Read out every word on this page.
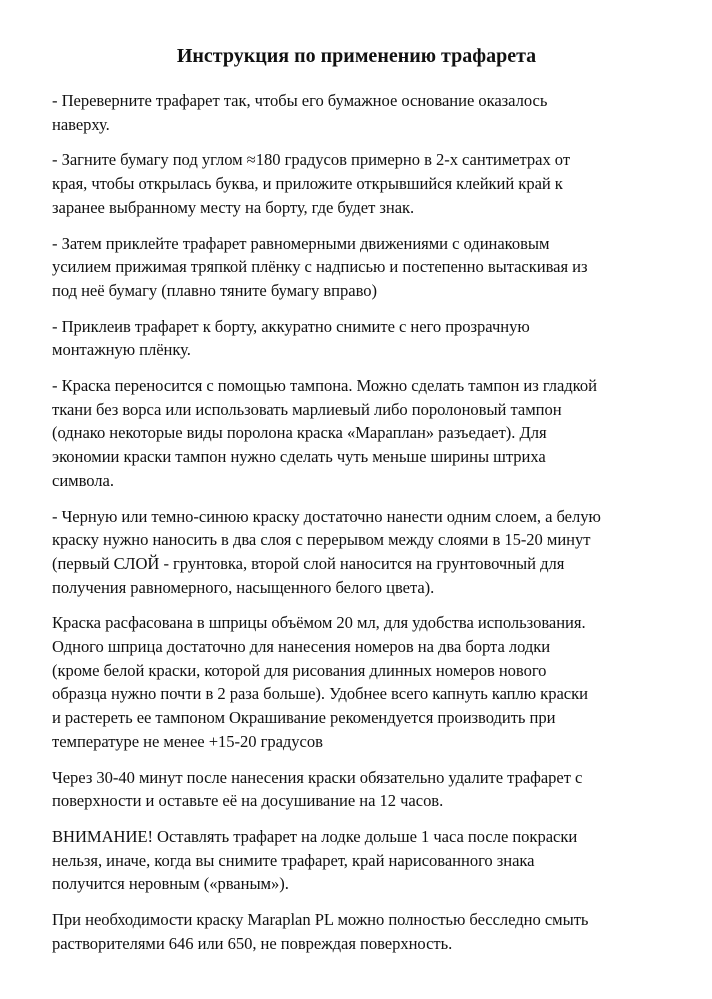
Инструкция по применению трафарета
- Переверните трафарет так, чтобы его бумажное основание оказалось
наверху.
- Загните бумагу под углом ≈180 градусов примерно в 2-х сантиметрах от
края, чтобы открылась буква, и приложите открывшийся клейкий край к
заранее выбранному месту на борту, где будет знак.
- Затем приклейте трафарет равномерными движениями с одинаковым
усилием прижимая тряпкой плёнку с надписью и постепенно вытаскивая из
под неё бумагу (плавно тяните бумагу вправо)
- Приклеив трафарет к борту, аккуратно снимите с него прозрачную
монтажную плёнку.
- Краска переносится с помощью тампона. Можно сделать тампон из гладкой
ткани без ворса или использовать марлиевый либо поролоновый тампон
(однако некоторые виды поролона краска «Мараплан» разъедает). Для
экономии краски тампон нужно сделать чуть меньше ширины штриха
символа.
- Черную или темно-синюю краску достаточно нанести одним слоем, а белую
краску нужно наносить в два слоя с перерывом между слоями в 15-20 минут
(первый СЛОЙ - грунтовка, второй слой наносится на грунтовочный для
получения равномерного, насыщенного белого цвета).
Краска расфасована в шприцы объёмом 20 мл, для удобства использования.
Одного шприца достаточно для нанесения номеров на два борта лодки
(кроме белой краски, которой для рисования длинных номеров нового
образца нужно почти в 2 раза больше). Удобнее всего капнуть каплю краски
и растереть ее тампоном Окрашивание рекомендуется производить при
температуре не менее +15-20 градусов
Через 30-40 минут после нанесения краски обязательно удалите трафарет с
поверхности и оставьте её на досушивание на 12 часов.
ВНИМАНИЕ! Оставлять трафарет на лодке дольше 1 часа после покраски
нельзя, иначе, когда вы снимите трафарет, край нарисованного знака
получится неровным («рваным»).
При необходимости краску Maraplan PL можно полностью бесследно смыть
растворителями 646 или 650, не повреждая поверхность.
